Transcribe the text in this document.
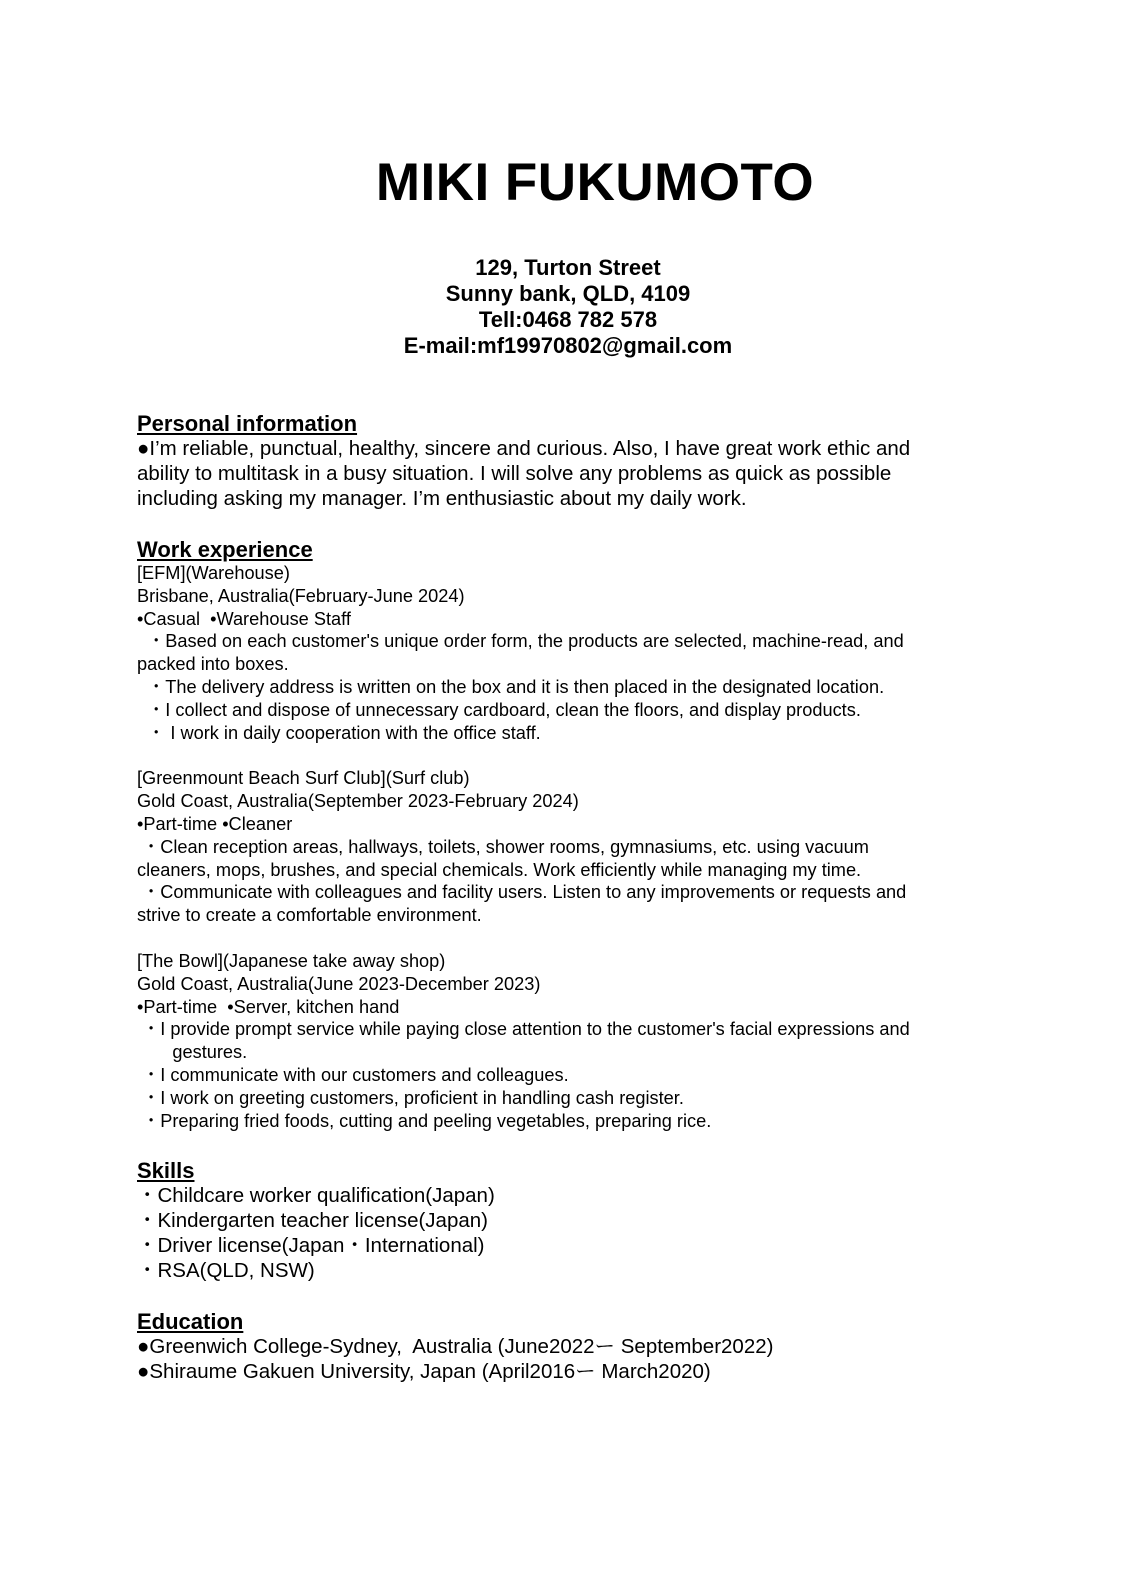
MIKI FUKUMOTO
129, Turton Street
Sunny bank, QLD, 4109
Tell:0468 782 578
E-mail:mf19970802@gmail.com
Personal information
●I’m reliable, punctual, healthy, sincere and curious. Also, I have great work ethic and
ability to multitask in a busy situation. I will solve any problems as quick as possible
including asking my manager. I’m enthusiastic about my daily work.
Work experience
[EFM](Warehouse)
Brisbane, Australia(February-June 2024)
•Casual  •Warehouse Staff
・Based on each customer's unique order form, the products are selected, machine-read, and
packed into boxes.
・The delivery address is written on the box and it is then placed in the designated location.
・I collect and dispose of unnecessary cardboard, clean the floors, and display products.
・ I work in daily cooperation with the office staff.
[Greenmount Beach Surf Club](Surf club)
Gold Coast, Australia(September 2023-February 2024)
•Part-time •Cleaner
・Clean reception areas, hallways, toilets, shower rooms, gymnasiums, etc. using vacuum
cleaners, mops, brushes, and special chemicals. Work efficiently while managing my time.
・Communicate with colleagues and facility users. Listen to any improvements or requests and
strive to create a comfortable environment.
[The Bowl](Japanese take away shop)
Gold Coast, Australia(June 2023-December 2023)
•Part-time  •Server, kitchen hand
・I provide prompt service while paying close attention to the customer's facial expressions and
gestures.
・I communicate with our customers and colleagues.
・I work on greeting customers, proficient in handling cash register.
・Preparing fried foods, cutting and peeling vegetables, preparing rice.
Skills
・Childcare worker qualification(Japan)
・Kindergarten teacher license(Japan)
・Driver license(Japan・International)
・RSA(QLD, NSW)
Education
●Greenwich College-Sydney,  Australia (June2022ー September2022)
●Shiraume Gakuen University, Japan (April2016ー March2020)
